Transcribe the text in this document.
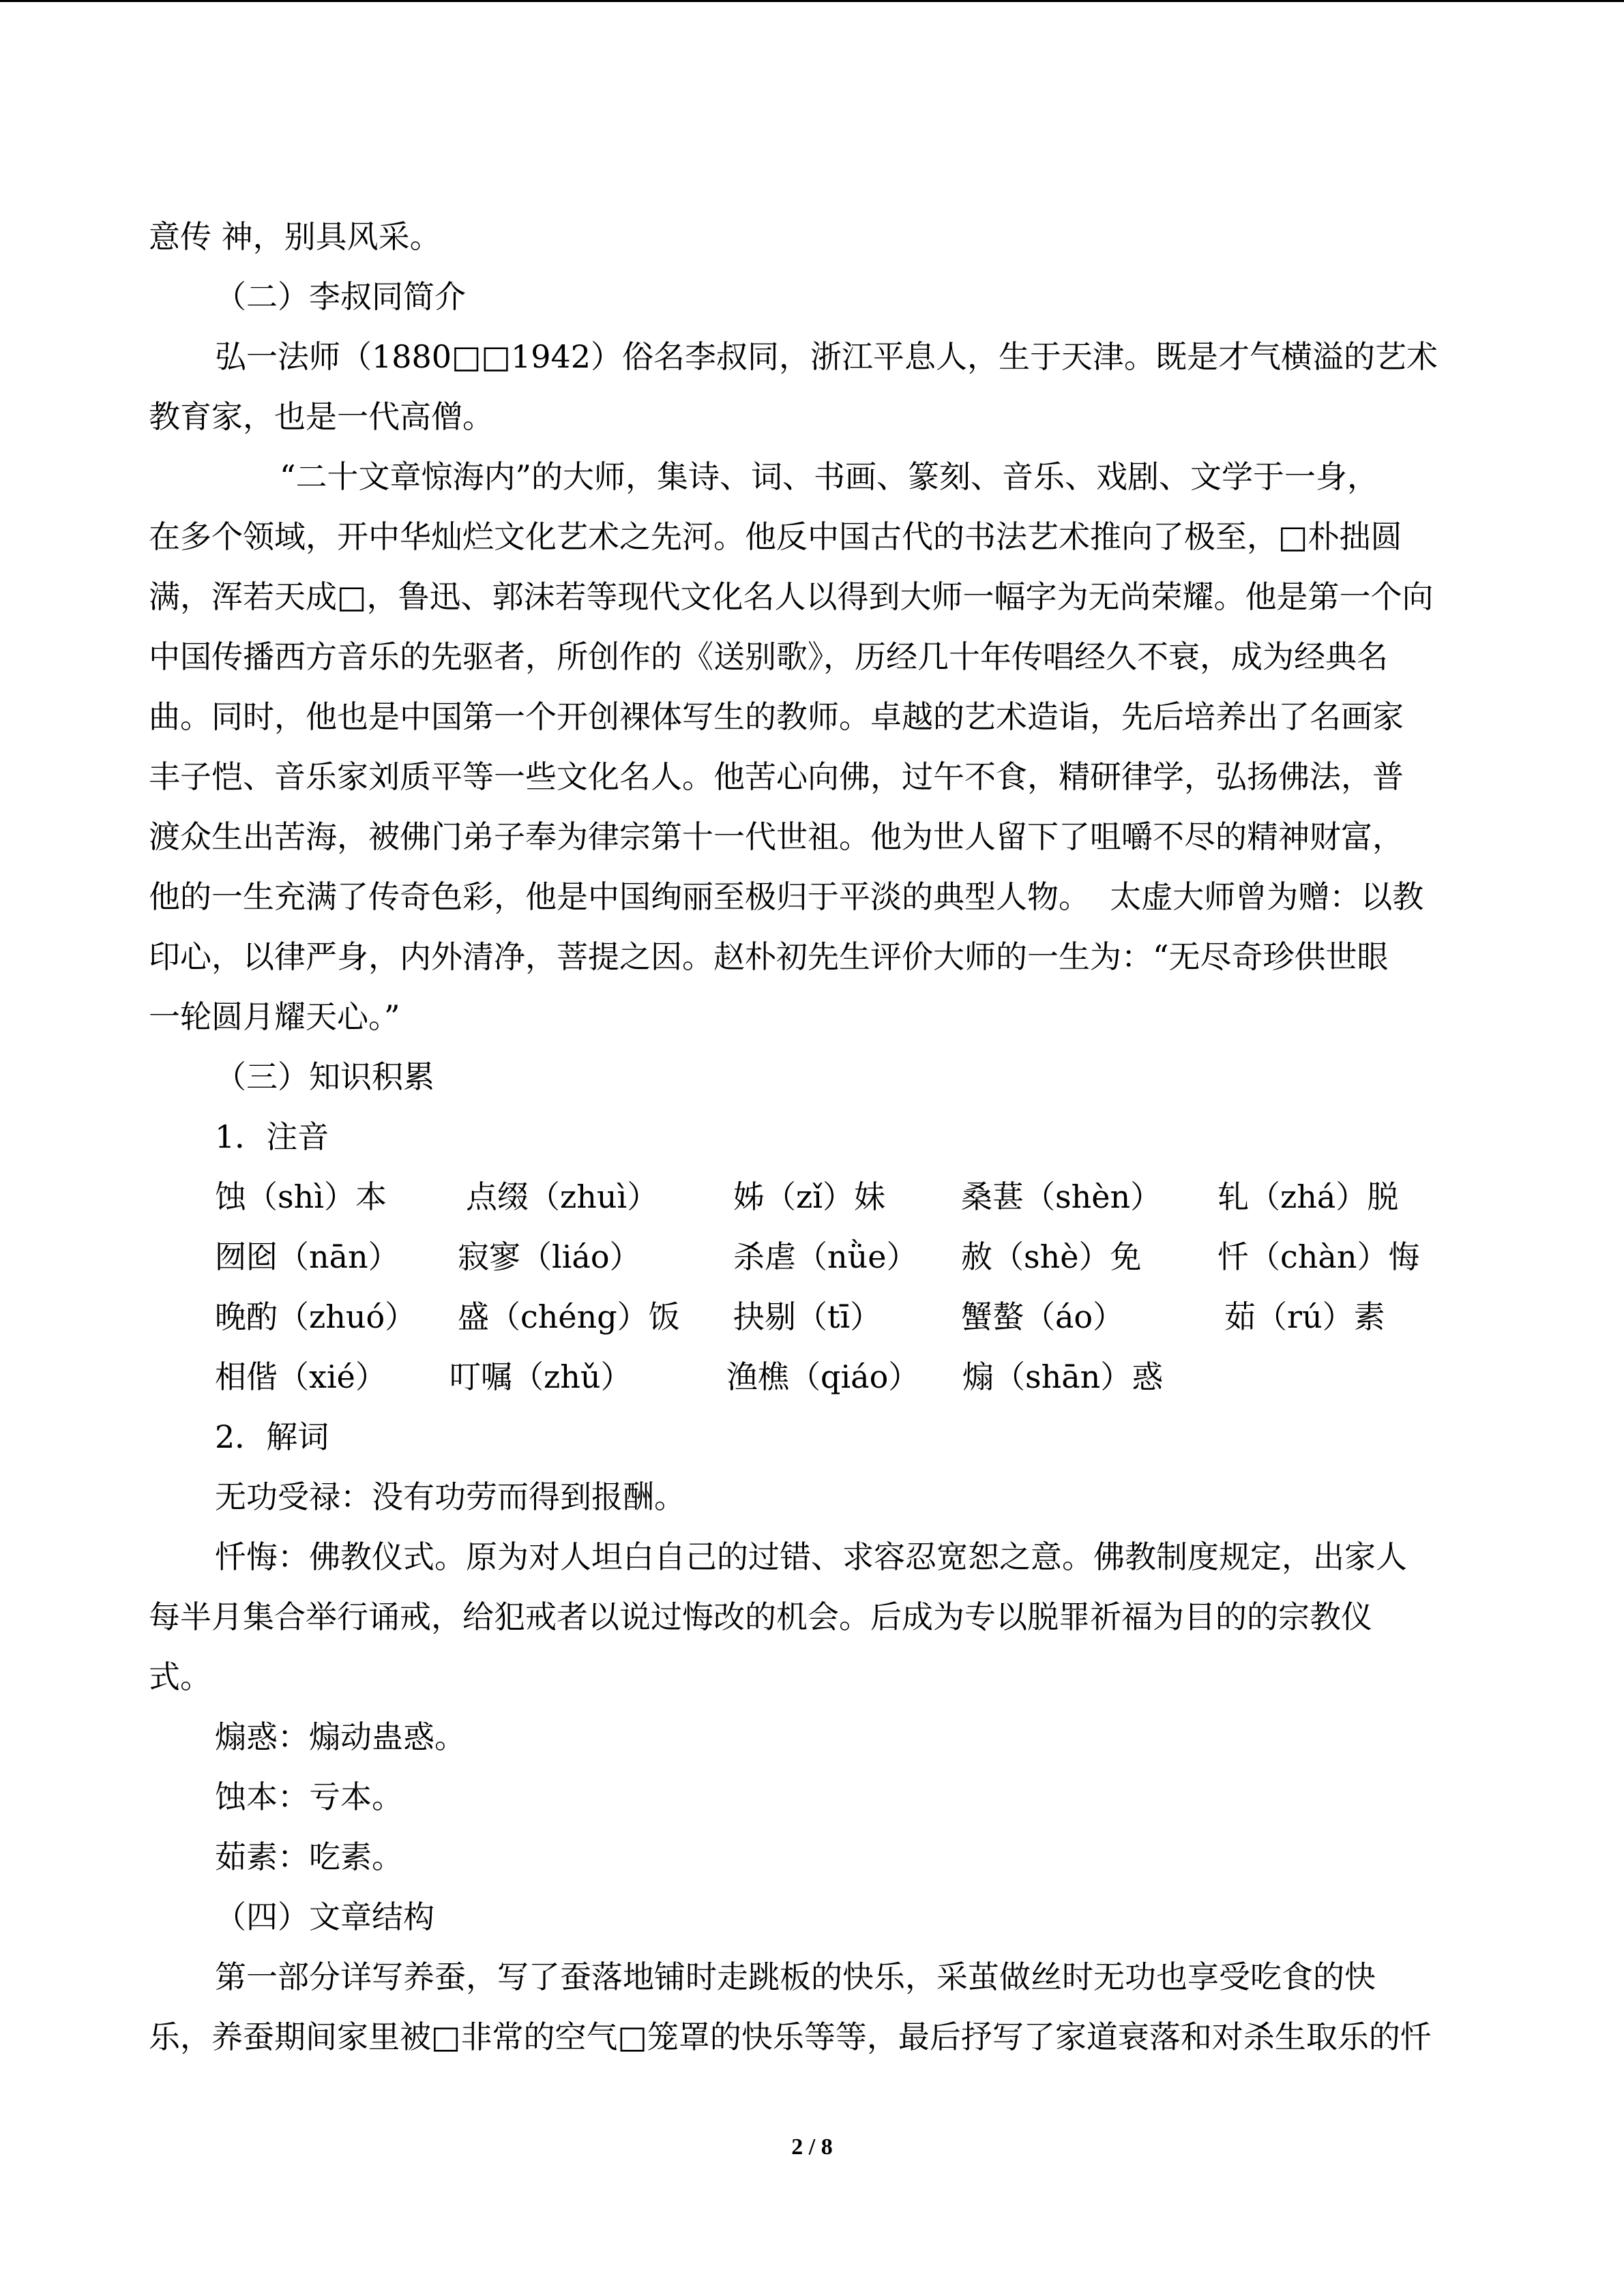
意传 神，别具风采。
（二）李叔同简介
弘一法师（1880□□1942）俗名李叔同，浙江平息人，生于天津。既是才气横溢的艺术
教育家，也是一代高僧。
“二十文章惊海内”的大师，集诗、词、书画、篆刻、音乐、戏剧、文学于一身，
在多个领域，开中华灿烂文化艺术之先河。他反中国古代的书法艺术推向了极至，□朴拙圆
满，浑若天成□，鲁迅、郭沫若等现代文化名人以得到大师一幅字为无尚荣耀。他是第一个向
中国传播西方音乐的先驱者，所创作的《送别歌》，历经几十年传唱经久不衰，成为经典名
曲。同时，他也是中国第一个开创裸体写生的教师。卓越的艺术造诣，先后培养出了名画家
丰子恺、音乐家刘质平等一些文化名人。他苦心向佛，过午不食，精研律学，弘扬佛法，普
渡众生出苦海，被佛门弟子奉为律宗第十一代世祖。他为世人留下了咀嚼不尽的精神财富，
他的一生充满了传奇色彩，他是中国绚丽至极归于平淡的典型人物。  太虚大师曾为赠：以教
印心，以律严身，内外清净，菩提之因。赵朴初先生评价大师的一生为：“无尽奇珍供世眼
一轮圆月耀天心。”
（三）知识积累
1．注音
蚀（shì）本	点缀（zhuì） 姊（zǐ）妹 桑葚（shèn） 轧（zhá）脱
囫囵（nān） 寂寥（liáo）	杀虐（nǜe） 赦（shè）免 忏（chàn）悔
晚酌（zhuó） 盛（chéng）饭 抉剔（tī）	蟹螯（áo）	茹（rú）素
相偕（xié） 叮嘱（zhǔ）	渔樵（qiáo） 煽（shān）惑
2．解词
无功受禄：没有功劳而得到报酬。
忏悔：佛教仪式。原为对人坦白自己的过错、求容忍宽恕之意。佛教制度规定，出家人
每半月集合举行诵戒，给犯戒者以说过悔改的机会。后成为专以脱罪祈福为目的的宗教仪
式。
煽惑：煽动蛊惑。
蚀本：亏本。
茹素：吃素。
（四）文章结构
第一部分详写养蚕，写了蚕落地铺时走跳板的快乐，采茧做丝时无功也享受吃食的快
乐，养蚕期间家里被□非常的空气□笼罩的快乐等等，最后抒写了家道衰落和对杀生取乐的忏
2 / 8
